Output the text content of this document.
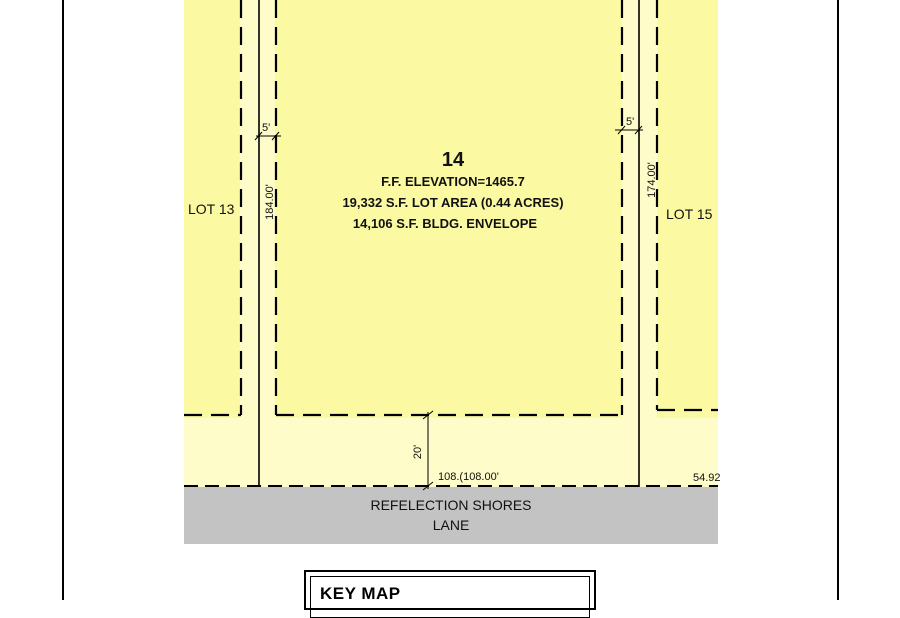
5'	5'
184.00'
174.00'
20'
14
F.F. ELEVATION=1465.7
19,332 S.F. LOT AREA (0.44 ACRES)
14,106 S.F. BLDG. ENVELOPE
LOT 13	LOT 15
108.(108.00'	54.92
REFELECTION SHORES
LANE
KEY MAP
